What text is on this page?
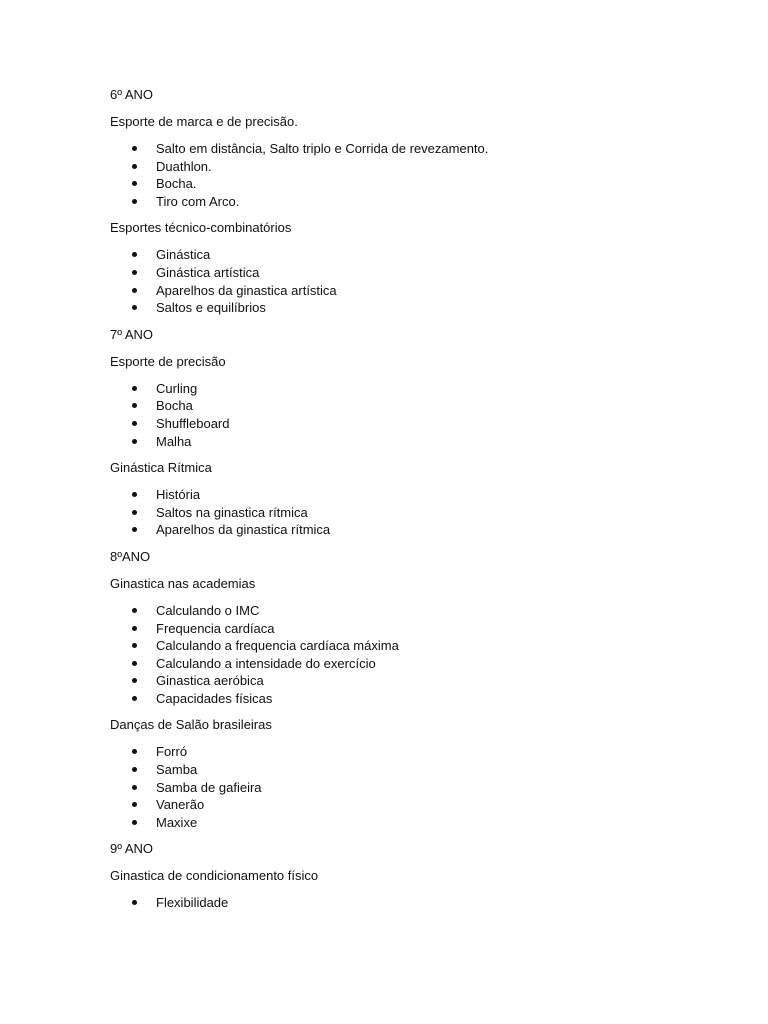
6º ANO

Esporte de marca e de precisão.

Salto em distância, Salto triplo e Corrida de revezamento.
Duathlon.
Bocha.
Tiro com Arco.

Esportes técnico-combinatórios

Ginástica
Ginástica artística
Aparelhos da ginastica artística
Saltos e equilíbrios

7º ANO

Esporte de precisão

Curling
Bocha
Shuffleboard
Malha

Ginástica Rítmica

História
Saltos na ginastica rítmica
Aparelhos da ginastica rítmica

8ºANO

Ginastica nas academias

Calculando o IMC
Frequencia cardíaca
Calculando a frequencia cardíaca máxima
Calculando a intensidade do exercício
Ginastica aeróbica
Capacidades físicas

Danças de Salão brasileiras

Forró
Samba
Samba de gafieira
Vanerão
Maxixe

9º ANO

Ginastica de condicionamento físico

Flexibilidade
